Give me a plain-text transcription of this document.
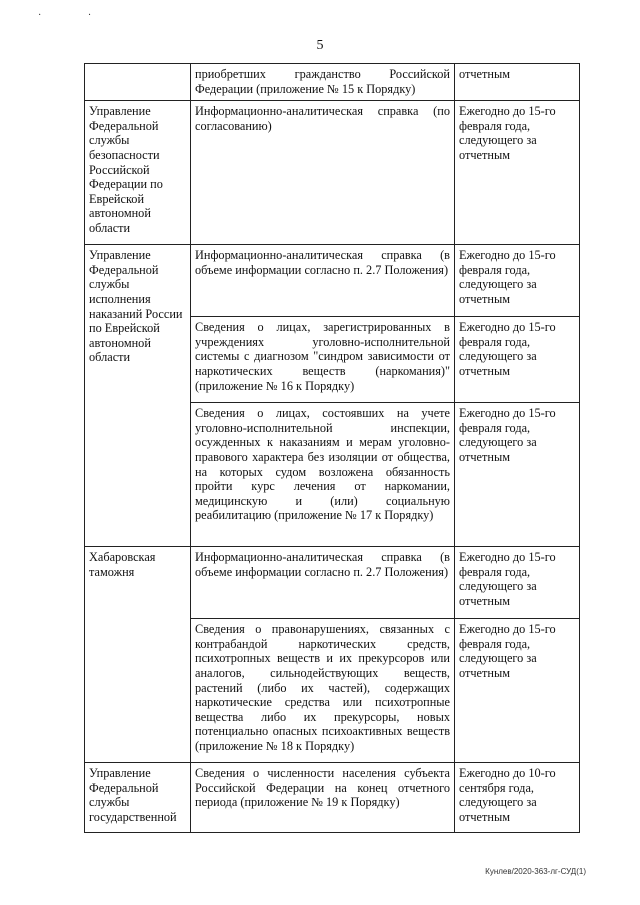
· ·
5
	приобретших гражданство Российской Федерации (приложение № 15 к Порядку)	отчетным
Управление Федеральной службы безопасности Российской Федерации по Еврейской автономной области	Информационно-аналитическая справка (по согласованию)	Ежегодно до 15-го февраля года, следующего за отчетным
Управление Федеральной службы исполнения наказаний России по Еврейской автономной области	Информационно-аналитическая справка (в объеме информации согласно п. 2.7 Положения)	Ежегодно до 15-го февраля года, следующего за отчетным
	Сведения о лицах, зарегистрированных в учреждениях уголовно-исполнительной системы с диагнозом "синдром зависимости от наркотических веществ (наркомания)" (приложение № 16 к Порядку)	Ежегодно до 15-го февраля года, следующего за отчетным
	Сведения о лицах, состоявших на учете уголовно-исполнительной инспекции, осужденных к наказаниям и мерам уголовно-правового характера без изоляции от общества, на которых судом возложена обязанность пройти курс лечения от наркомании, медицинскую и (или) социальную реабилитацию (приложение № 17 к Порядку)	Ежегодно до 15-го февраля года, следующего за отчетным
Хабаровская таможня	Информационно-аналитическая справка (в объеме информации согласно п. 2.7 Положения)	Ежегодно до 15-го февраля года, следующего за отчетным
	Сведения о правонарушениях, связанных с контрабандой наркотических средств, психотропных веществ и их прекурсоров или аналогов, сильнодействующих веществ, растений (либо их частей), содержащих наркотические средства или психотропные вещества либо их прекурсоры, новых потенциально опасных психоактивных веществ (приложение № 18 к Порядку)	Ежегодно до 15-го февраля года, следующего за отчетным
Управление Федеральной службы государственной	Сведения о численности населения субъекта Российской Федерации на конец отчетного периода (приложение № 19 к Порядку)	Ежегодно до 10-го сентября года, следующего за отчетным
Кунлев/2020-363-лг-СУД(1)
